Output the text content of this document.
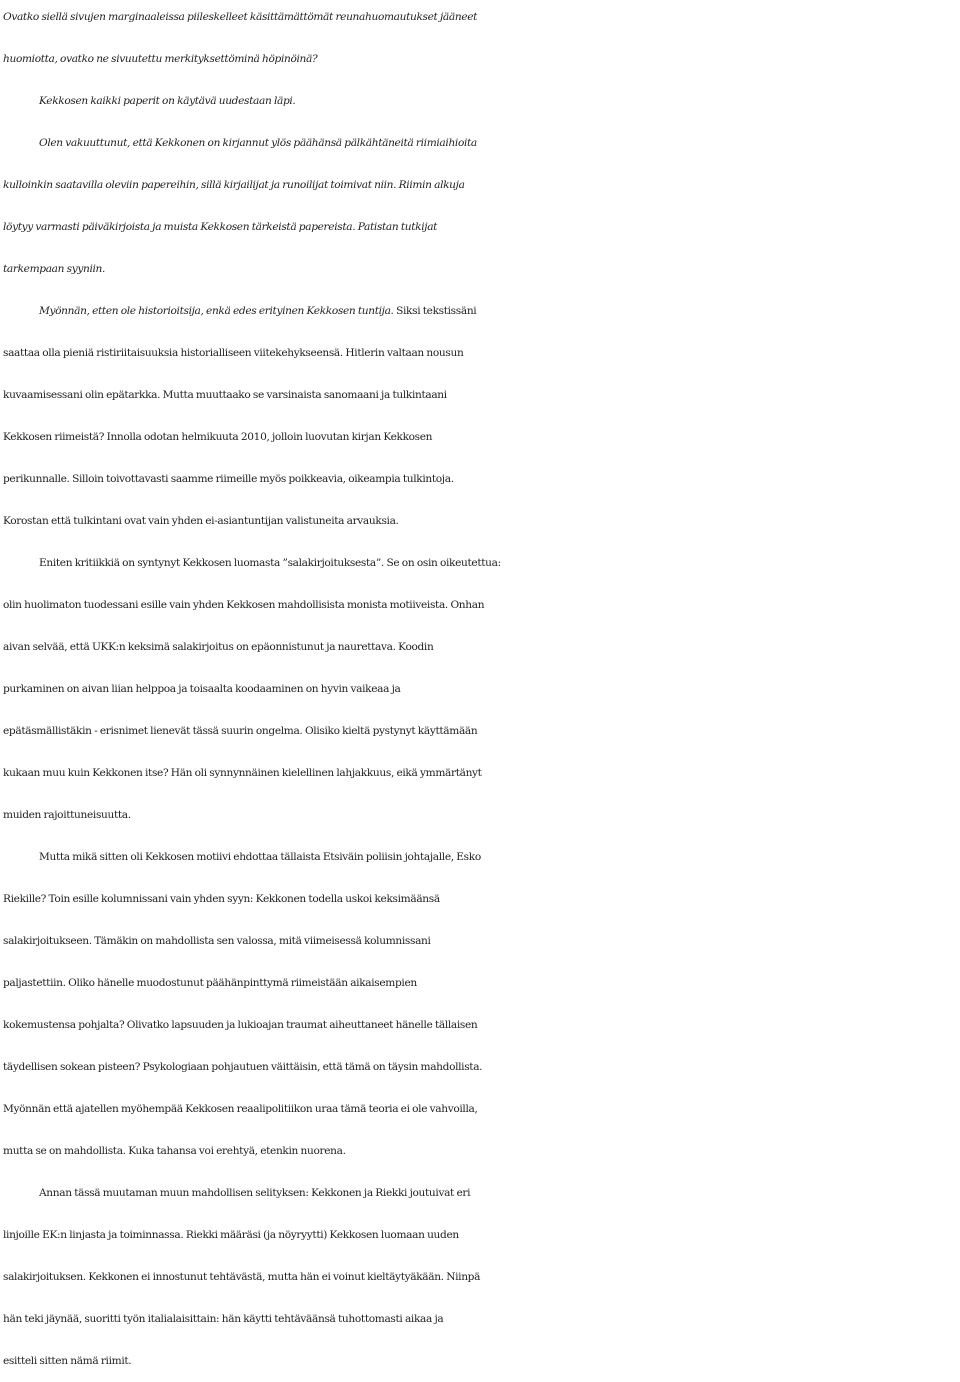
Ovatko siellä sivujen marginaaleissa piileskelleet käsittämättömät reunahuomautukset jääneet
huomiotta, ovatko ne sivuutettu merkityksettöminä höpinöinä?
Kekkosen kaikki paperit on käytävä uudestaan läpi.
Olen vakuuttunut, että Kekkonen on kirjannut ylös päähänsä pälkähtäneitä riimiaihioita
kulloinkin saatavilla oleviin papereihin, sillä kirjailijat ja runoilijat toimivat niin. Riimin alkuja
löytyy varmasti päiväkirjoista ja muista Kekkosen tärkeistä papereista. Patistan tutkijat
tarkempaan syyniin.
Myönnän, etten ole historioitsija, enkä edes erityinen Kekkosen tuntija. Siksi tekstissäni
saattaa olla pieniä ristiriitaisuuksia historialliseen viitekehykseensä. Hitlerin valtaan nousun
kuvaamisessani olin epätarkka. Mutta muuttaako se varsinaista sanomaani ja tulkintaani
Kekkosen riimeistä? Innolla odotan helmikuuta 2010, jolloin luovutan kirjan Kekkosen
perikunnalle. Silloin toivottavasti saamme riimeille myös poikkeavia, oikeampia tulkintoja.
Korostan että tulkintani ovat vain yhden ei-asiantuntijan valistuneita arvauksia.
Eniten kritiikkiä on syntynyt Kekkosen luomasta ”salakirjoituksesta”. Se on osin oikeutettua:
olin huolimaton tuodessani esille vain yhden Kekkosen mahdollisista monista motiiveista. Onhan
aivan selvää, että UKK:n keksimä salakirjoitus on epäonnistunut ja naurettava. Koodin
purkaminen on aivan liian helppoa ja toisaalta koodaaminen on hyvin vaikeaa ja
epätäsmällistäkin - erisnimet lienevät tässä suurin ongelma. Olisiko kieltä pystynyt käyttämään
kukaan muu kuin Kekkonen itse? Hän oli synnynnäinen kielellinen lahjakkuus, eikä ymmärtänyt
muiden rajoittuneisuutta.
Mutta mikä sitten oli Kekkosen motiivi ehdottaa tällaista Etsiväin poliisin johtajalle, Esko
Riekille? Toin esille kolumnissani vain yhden syyn: Kekkonen todella uskoi keksimäänsä
salakirjoitukseen. Tämäkin on mahdollista sen valossa, mitä viimeisessä kolumnissani
paljastettiin. Oliko hänelle muodostunut päähänpinttymä riimeistään aikaisempien
kokemustensa pohjalta? Olivatko lapsuuden ja lukioajan traumat aiheuttaneet hänelle tällaisen
täydellisen sokean pisteen? Psykologiaan pohjautuen väittäisin, että tämä on täysin mahdollista.
Myönnän että ajatellen myöhempää Kekkosen reaalipolitiikon uraa tämä teoria ei ole vahvoilla,
mutta se on mahdollista. Kuka tahansa voi erehtyä, etenkin nuorena.
Annan tässä muutaman muun mahdollisen selityksen: Kekkonen ja Riekki joutuivat eri
linjoille EK:n linjasta ja toiminnassa. Riekki määräsi (ja nöyryytti) Kekkosen luomaan uuden
salakirjoituksen. Kekkonen ei innostunut tehtävästä, mutta hän ei voinut kieltäytyäkään. Niinpä
hän teki jäynää, suoritti työn italialaisittain: hän käytti tehtäväänsä tuhottomasti aikaa ja
esitteli sitten nämä riimit.
